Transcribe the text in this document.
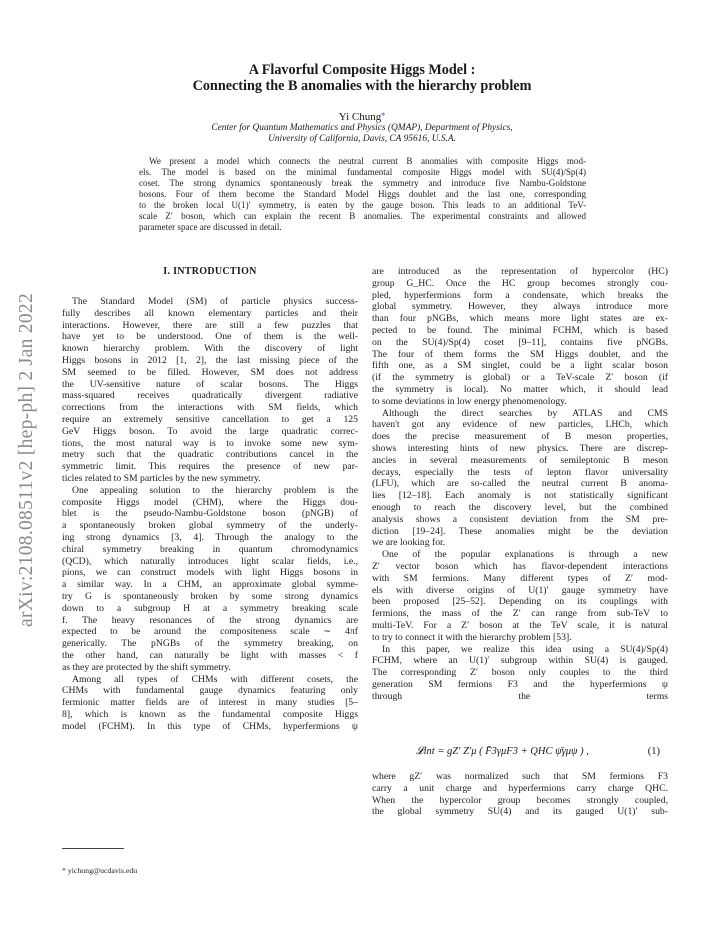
arXiv:2108.08511v2 [hep-ph] 2 Jan 2022
A Flavorful Composite Higgs Model :
Connecting the B anomalies with the hierarchy problem
Yi Chung*
Center for Quantum Mathematics and Physics (QMAP), Department of Physics,
University of California, Davis, CA 95616, U.S.A.
We present a model which connects the neutral current B anomalies with composite Higgs mod-
els. The model is based on the minimal fundamental composite Higgs model with SU(4)/Sp(4)
coset. The strong dynamics spontaneously break the symmetry and introduce five Nambu-Goldstone
bosons. Four of them become the Standard Model Higgs doublet and the last one, corresponding
to the broken local U(1)′ symmetry, is eaten by the gauge boson. This leads to an additional TeV-
scale Z′ boson, which can explain the recent B anomalies. The experimental constraints and allowed
parameter space are discussed in detail.
I. INTRODUCTION
The Standard Model (SM) of particle physics success-
fully describes all known elementary particles and their
interactions. However, there are still a few puzzles that
have yet to be understood. One of them is the well-
known hierarchy problem. With the discovery of light
Higgs bosons in 2012 [1, 2], the last missing piece of the
SM seemed to be filled. However, SM does not address
the UV-sensitive nature of scalar bosons. The Higgs
mass-squared receives quadratically divergent radiative
corrections from the interactions with SM fields, which
require an extremely sensitive cancellation to get a 125
GeV Higgs boson. To avoid the large quadratic correc-
tions, the most natural way is to invoke some new sym-
metry such that the quadratic contributions cancel in the
symmetric limit. This requires the presence of new par-
ticles related to SM particles by the new symmetry.
One appealing solution to the hierarchy problem is the
composite Higgs model (CHM), where the Higgs dou-
blet is the pseudo-Nambu-Goldstone boson (pNGB) of
a spontaneously broken global symmetry of the underly-
ing strong dynamics [3, 4]. Through the analogy to the
chiral symmetry breaking in quantum chromodynamics
(QCD), which naturally introduces light scalar fields, i.e.,
pions, we can construct models with light Higgs bosons in
a similar way. In a CHM, an approximate global symme-
try G is spontaneously broken by some strong dynamics
down to a subgroup H at a symmetry breaking scale
f. The heavy resonances of the strong dynamics are
expected to be around the compositeness scale ∼ 4πf
generically. The pNGBs of the symmetry breaking, on
the other hand, can naturally be light with masses < f
as they are protected by the shift symmetry.
Among all types of CHMs with different cosets, the
CHMs with fundamental gauge dynamics featuring only
fermionic matter fields are of interest in many studies [5–
8], which is known as the fundamental composite Higgs
model (FCHM). In this type of CHMs, hyperfermions ψ
are introduced as the representation of hypercolor (HC)
group G_HC. Once the HC group becomes strongly cou-
pled, hyperfermions form a condensate, which breaks the
global symmetry. However, they always introduce more
than four pNGBs, which means more light states are ex-
pected to be found. The minimal FCHM, which is based
on the SU(4)/Sp(4) coset [9–11], contains five pNGBs.
The four of them forms the SM Higgs doublet, and the
fifth one, as a SM singlet, could be a light scalar boson
(if the symmetry is global) or a TeV-scale Z′ boson (if
the symmetry is local). No matter which, it should lead
to some deviations in low energy phenomenology.
Although the direct searches by ATLAS and CMS
haven't got any evidence of new particles, LHCb, which
does the precise measurement of B meson properties,
shows interesting hints of new physics. There are discrep-
ancies in several measurements of semileptonic B meson
decays, especially the tests of lepton flavor universality
(LFU), which are so-called the neutral current B anoma-
lies [12–18]. Each anomaly is not statistically significant
enough to reach the discovery level, but the combined
analysis shows a consistent deviation from the SM pre-
diction [19–24]. These anomalies might be the deviation
we are looking for.
One of the popular explanations is through a new
Z′ vector boson which has flavor-dependent interactions
with SM fermions. Many different types of Z′ mod-
els with diverse origins of U(1)′ gauge symmetry have
been proposed [25–52]. Depending on its couplings with
fermions, the mass of the Z′ can range from sub-TeV to
multi-TeV. For a Z′ boson at the TeV scale, it is natural
to try to connect it with the hierarchy problem [53].
In this paper, we realize this idea using a SU(4)/Sp(4)
FCHM, where an U(1)′ subgroup within SU(4) is gauged.
The corresponding Z′ boson only couples to the third
generation SM fermions F3 and the hyperfermions ψ
through the terms
𝓛int = gZ′ Z′μ ( F̄3γμF3 + QHC ψ̄γμψ ) ,	(1)
where gZ′ was normalized such that SM fermions F3
carry a unit charge and hyperfermions carry charge QHC.
When the hypercolor group becomes strongly coupled,
the global symmetry SU(4) and its gauged U(1)′ sub-
* yichung@ucdavis.edu
